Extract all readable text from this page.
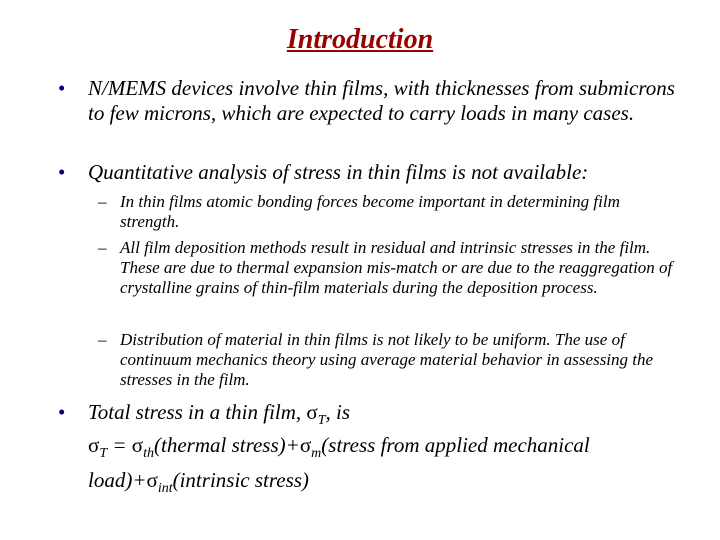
Introduction
• N/MEMS devices involve thin films, with thicknesses from submicrons to few microns, which are expected to carry loads in many cases.
• Quantitative analysis of stress in thin films is not available:
– In thin films atomic bonding forces become important in determining film strength.
– All film deposition methods result in residual and intrinsic stresses in the film. These are due to thermal expansion mis-match or are due to the reaggregation of crystalline grains of thin-film materials during the deposition process.
– Distribution of material in thin films is not likely to be uniform. The use of continuum mechanics theory using average material behavior in assessing the stresses in the film.
• Total stress in a thin film, $\sigma_T$, is
$\sigma_T$ = $\sigma_{th}(thermal$ $stress)+\sigma_m(stress$ from applied mechanical $load)+\sigma_{int}(intrinsic$ stress)
